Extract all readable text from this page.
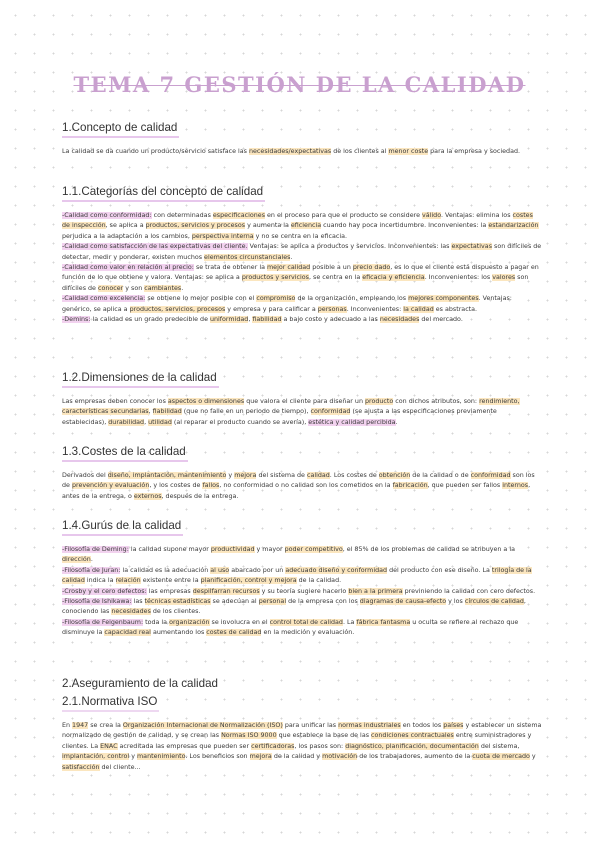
TEMA 7 GESTIÓN DE LA CALIDAD
1.Concepto de calidad

La calidad se da cuando un producto/servicio satisface las necesidades/expectativas de los clientes al menor coste para la empresa y sociedad.

1.1.Categorías del concepto de calidad

-Calidad como conformidad: con determinadas especificaciones en el proceso para que el producto se considere válido. Ventajas: elimina los costes de inspección, se aplica a productos, servicios y procesos y aumenta la eficiencia cuando hay poca incertidumbre. Inconvenientes: la estandarización perjudica a la adaptación a los cambios, perspectiva interna y no se centra en la eficacia.

-Calidad como satisfacción de las expectativas del cliente. Ventajas: se aplica a productos y servicios. Inconvenientes: las expectativas son difíciles de detectar, medir y ponderar, existen muchos elementos circunstanciales.

-Calidad como valor en relación al precio: se trata de obtener la mejor calidad posible a un precio dado, es lo que el cliente está dispuesto a pagar en función de lo que obtiene y valora. Ventajas: se aplica a productos y servicios, se centra en la eficacia y eficiencia. Inconvenientes: los valores son difíciles de conocer y son cambiantes.

-Calidad como excelencia: se obtiene lo mejor posible con el compromiso de la organización, empleando los mejores componentes. Ventajas: genérico, se aplica a productos, servicios, procesos y empresa y para calificar a personas. Inconvenientes: la calidad es abstracta.

-Demins: la calidad es un grado predecible de uniformidad, fiabilidad a bajo costo y adecuado a las necesidades del mercado.

1.2.Dimensiones de la calidad

Las empresas deben conocer los aspectos o dimensiones que valora el cliente para diseñar un producto con dichos atributos, son: rendimiento, características secundarias, fiabilidad (que no falle en un periodo de tiempo), conformidad (se ajusta a las especificaciones previamente establecidas), durabilidad, utilidad (al reparar el producto cuando se avería), estética y calidad percibida.

1.3.Costes de la calidad

Derivados del diseño, implantación, mantenimiento y mejora del sistema de calidad. Los costes de obtención de la calidad o de conformidad son los de prevención y evaluación, y los costes de fallos, no conformidad o no calidad son los cometidos en la fabricación, que pueden ser fallos internos, antes de la entrega, o externos, después de la entrega.

1.4.Gurús de la calidad

-Filosofía de Deming: la calidad supone mayor productividad y mayor poder competitivo, el 85% de los problemas de calidad se atribuyen a la dirección.

-Filosofía de Juran: la calidad es la adecuación al uso abarcado por un adecuado diseño y conformidad del producto con ese diseño. La trilogía de la calidad indica la relación existente entre la planificación, control y mejora de la calidad.

-Crosby y el cero defectos: las empresas despilfarran recursos y su teoría sugiere hacerlo bien a la primera previniendo la calidad con cero defectos.

-Filosofía de Ishikawa: las técnicas estadísticas se adecúan al personal de la empresa con los diagramas de causa-efecto y los círculos de calidad, conociendo las necesidades de los clientes.

-Filosofía de Feigenbaum: toda la organización se involucra en el control total de calidad. La fábrica fantasma u oculta se refiere al rechazo que disminuye la capacidad real aumentando los costes de calidad en la medición y evaluación.

2.Aseguramiento de la calidad
2.1.Normativa ISO

En 1947 se crea la Organización Internacional de Normalización (ISO) para unificar las normas industriales en todos los países y establecer un sistema normalizado de gestión de calidad, y se crean las Normas ISO 9000 que establece la base de las condiciones contractuales entre suministradores y clientes. La ENAC acreditada las empresas que pueden ser certificadoras, los pasos son: diagnóstico, planificación, documentación del sistema, implantación, control y mantenimiento. Los beneficios son mejora de la calidad y motivación de los trabajadores, aumento de la cuota de mercado y satisfacción del cliente...
